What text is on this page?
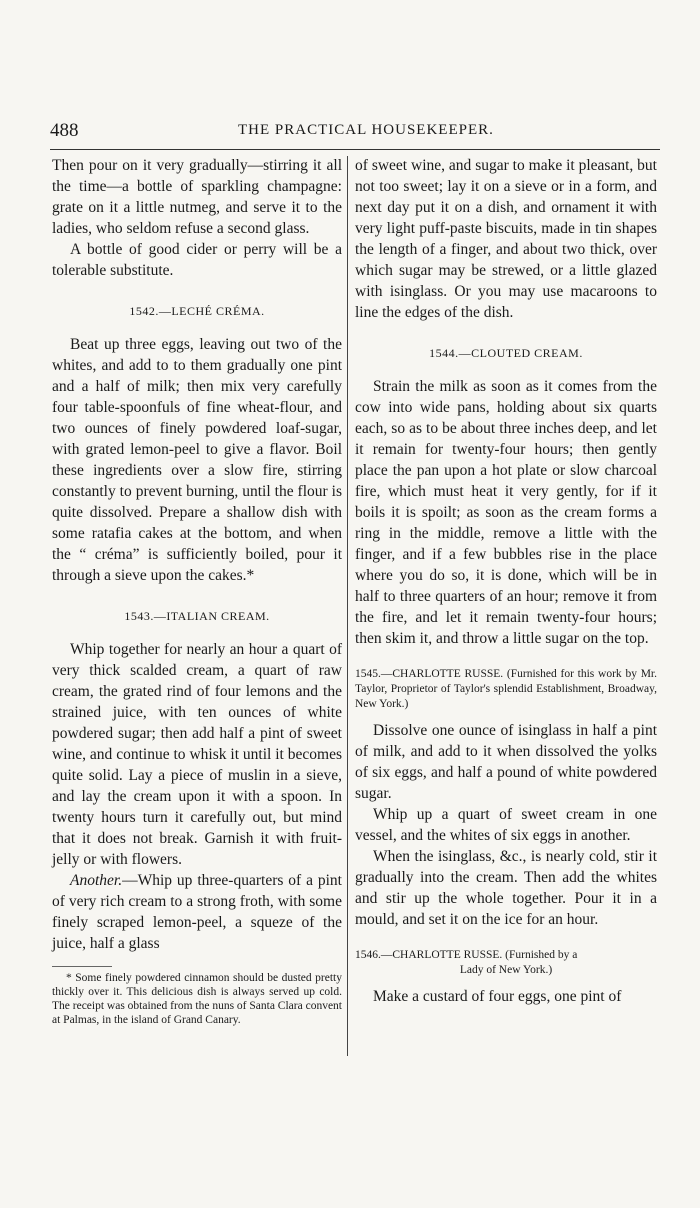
488	THE PRACTICAL HOUSEKEEPER.

Then pour on it very gradually—stirring it all the time—a bottle of sparkling champagne: grate on it a little nutmeg, and serve it to the ladies, who seldom refuse a second glass.

A bottle of good cider or perry will be a tolerable substitute.

1542.—LECHÉ CRÉMA.

Beat up three eggs, leaving out two of the whites, and add to to them gradually one pint and a half of milk; then mix very carefully four table-spoonfuls of fine wheat-flour, and two ounces of finely powdered loaf-sugar, with grated lemon-peel to give a flavor. Boil these ingredients over a slow fire, stirring constantly to prevent burning, until the flour is quite dissolved. Prepare a shallow dish with some ratafia cakes at the bottom, and when the “ créma” is sufficiently boiled, pour it through a sieve upon the cakes.*

1543.—ITALIAN CREAM.

Whip together for nearly an hour a quart of very thick scalded cream, a quart of raw cream, the grated rind of four lemons and the strained juice, with ten ounces of white powdered sugar; then add half a pint of sweet wine, and continue to whisk it until it becomes quite solid. Lay a piece of muslin in a sieve, and lay the cream upon it with a spoon. In twenty hours turn it carefully out, but mind that it does not break. Garnish it with fruit-jelly or with flowers.

Another.—Whip up three-quarters of a pint of very rich cream to a strong froth, with some finely scraped lemon-peel, a squeze of the juice, half a glass

* Some finely powdered cinnamon should be dusted pretty thickly over it. This delicious dish is always served up cold. The receipt was obtained from the nuns of Santa Clara convent at Palmas, in the island of Grand Canary.

of sweet wine, and sugar to make it pleasant, but not too sweet; lay it on a sieve or in a form, and next day put it on a dish, and ornament it with very light puff-paste biscuits, made in tin shapes the length of a finger, and about two thick, over which sugar may be strewed, or a little glazed with isinglass. Or you may use macaroons to line the edges of the dish.

1544.—CLOUTED CREAM.

Strain the milk as soon as it comes from the cow into wide pans, holding about six quarts each, so as to be about three inches deep, and let it remain for twenty-four hours; then gently place the pan upon a hot plate or slow charcoal fire, which must heat it very gently, for if it boils it is spoilt; as soon as the cream forms a ring in the middle, remove a little with the finger, and if a few bubbles rise in the place where you do so, it is done, which will be in half to three quarters of an hour; remove it from the fire, and let it remain twenty-four hours; then skim it, and throw a little sugar on the top.

1545.—CHARLOTTE RUSSE. (Furnished for this work by Mr. Taylor, Proprietor of Taylor's splendid Establishment, Broadway, New York.)

Dissolve one ounce of isinglass in half a pint of milk, and add to it when dissolved the yolks of six eggs, and half a pound of white powdered sugar.

Whip up a quart of sweet cream in one vessel, and the whites of six eggs in another.

When the isinglass, &c., is nearly cold, stir it gradually into the cream. Then add the whites and stir up the whole together. Pour it in a mould, and set it on the ice for an hour.

1546.—CHARLOTTE RUSSE. (Furnished by a
Lady of New York.)

Make a custard of four eggs, one pint of
